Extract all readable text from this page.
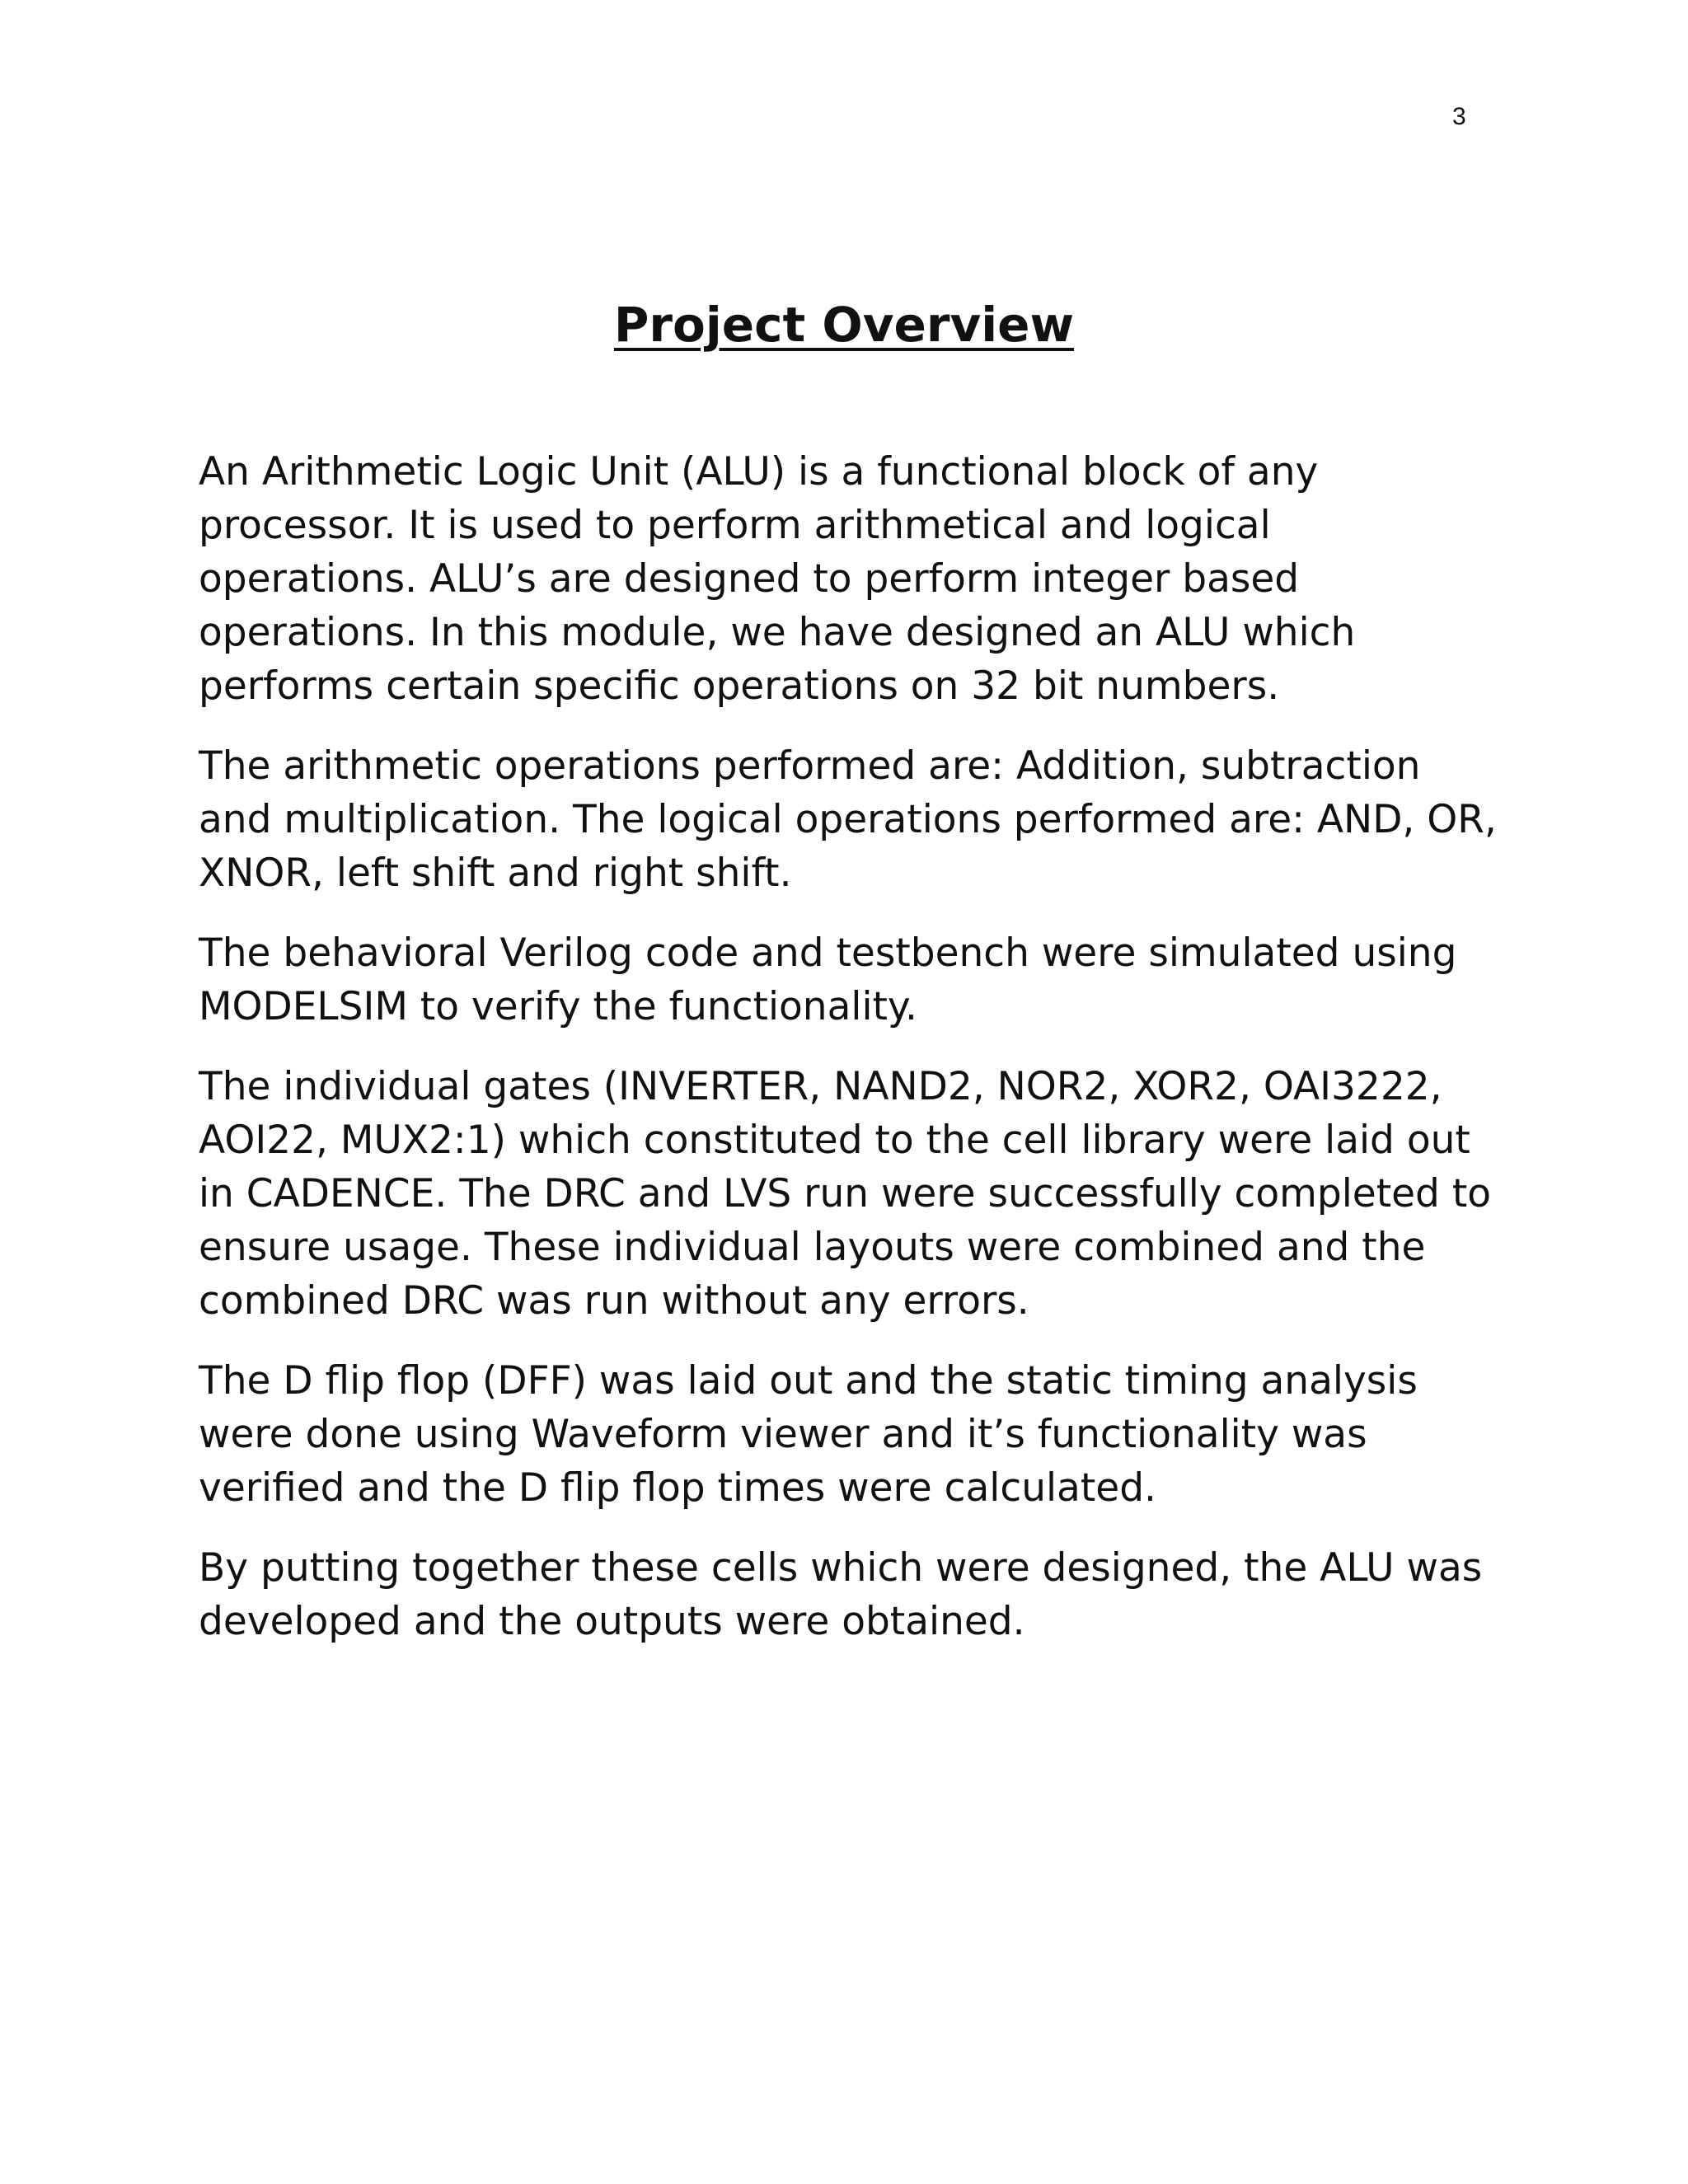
3
Project Overview

An Arithmetic Logic Unit (ALU) is a functional block of any processor. It is used to perform arithmetical and logical operations. ALU’s are designed to perform integer based operations. In this module, we have designed an ALU which performs certain specific operations on 32 bit numbers.

The arithmetic operations performed are: Addition, subtraction and multiplication. The logical operations performed are: AND, OR, XNOR, left shift and right shift.

The behavioral Verilog code and testbench were simulated using MODELSIM to verify the functionality.

The individual gates (INVERTER, NAND2, NOR2, XOR2, OAI3222, AOI22, MUX2:1) which constituted to the cell library were laid out in CADENCE. The DRC and LVS run were successfully completed to ensure usage. These individual layouts were combined and the combined DRC was run without any errors.

The D flip flop (DFF) was laid out and the static timing analysis were done using Waveform viewer and it’s functionality was verified and the D flip flop times were calculated.

By putting together these cells which were designed, the ALU was developed and the outputs were obtained.
